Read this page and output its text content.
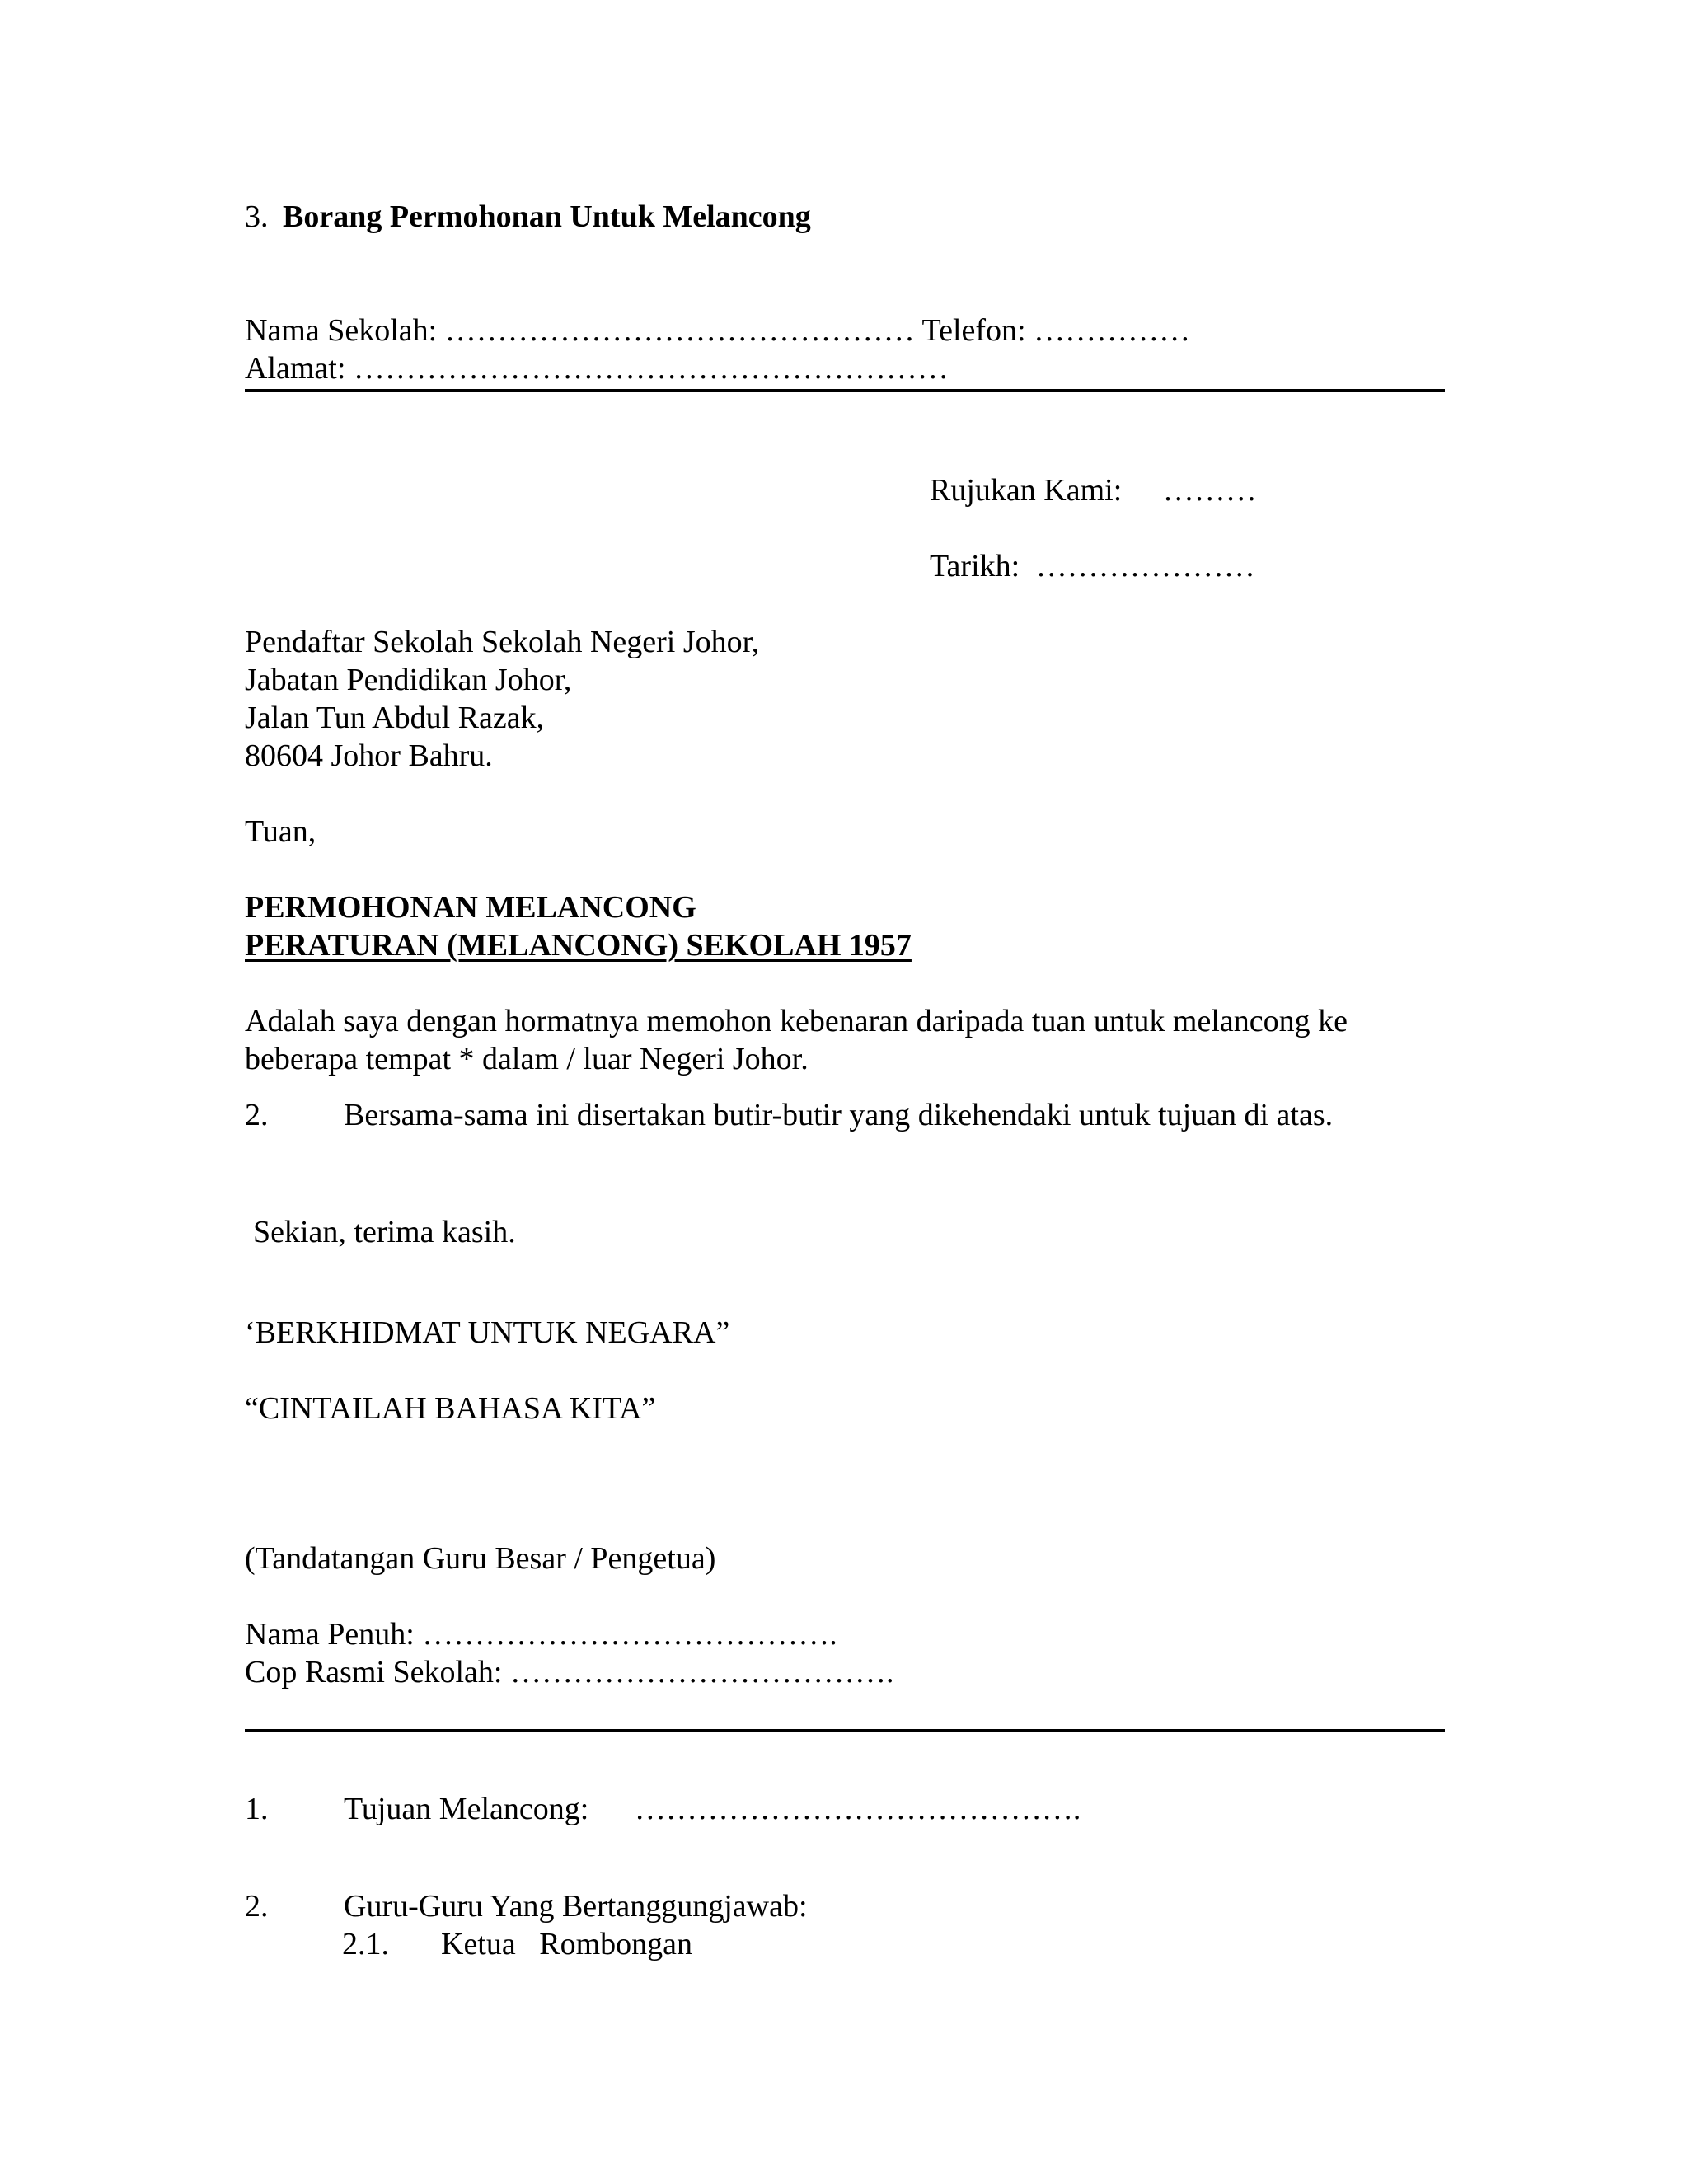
3. Borang Permohonan Untuk Melancong
Nama Sekolah: ……………………………………… Telefon: ……………
Alamat: …………………………………………………
Rujukan Kami: ………
Tarikh: …………………
Pendaftar Sekolah Sekolah Negeri Johor,
Jabatan Pendidikan Johor,
Jalan Tun Abdul Razak,
80604 Johor Bahru.
Tuan,
PERMOHONAN MELANCONG
PERATURAN (MELANCONG) SEKOLAH 1957
Adalah saya dengan hormatnya memohon kebenaran daripada tuan untuk melancong ke
beberapa tempat * dalam / luar Negeri Johor.
2. Bersama-sama ini disertakan butir-butir yang dikehendaki untuk tujuan di atas.
Sekian, terima kasih.
‘BERKHIDMAT UNTUK NEGARA”
“CINTAILAH BAHASA KITA”
(Tandatangan Guru Besar / Pengetua)
Nama Penuh: ………………………………….
Cop Rasmi Sekolah: ……………………………….
1. Tujuan Melancong: …………………………………….
2. Guru-Guru Yang Bertanggungjawab:
2.1. Ketua   Rombongan
